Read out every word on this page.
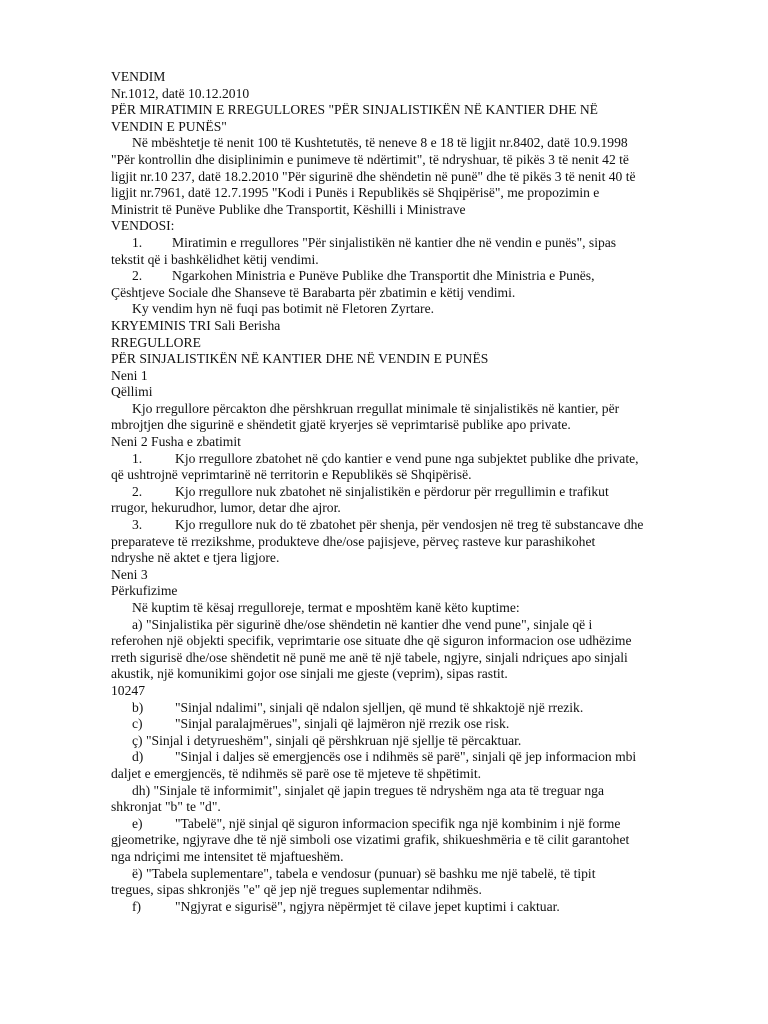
VENDIM
Nr.1012, datë 10.12.2010
PËR MIRATIMIN E RREGULLORES "PËR SINJALISTIKËN NË KANTIER DHE NË
VENDIN E PUNËS"
Në mbështetje të nenit 100 të Kushtetutës, të neneve 8 e 18 të ligjit nr.8402, datë 10.9.1998
"Për kontrollin dhe disiplinimin e punimeve të ndërtimit", të ndryshuar, të pikës 3 të nenit 42 të
ligjit nr.10 237, datë 18.2.2010 "Për sigurinë dhe shëndetin në punë" dhe të pikës 3 të nenit 40 të
ligjit nr.7961, datë 12.7.1995 "Kodi i Punës i Republikës së Shqipërisë", me propozimin e
Ministrit të Punëve Publike dhe Transportit, Këshilli i Ministrave
VENDOSI:
1.	Miratimin e rregullores "Për sinjalistikën në kantier dhe në vendin e punës", sipas
tekstit që i bashkëlidhet këtij vendimi.
2.	Ngarkohen Ministria e Punëve Publike dhe Transportit dhe Ministria e Punës,
Çështjeve Sociale dhe Shanseve të Barabarta për zbatimin e këtij vendimi.
Ky vendim hyn në fuqi pas botimit në Fletoren Zyrtare.
KRYEMINIS TRI Sali Berisha
RREGULLORE
PËR SINJALISTIKËN NË KANTIER DHE NË VENDIN E PUNËS
Neni 1
Qëllimi
Kjo rregullore përcakton dhe përshkruan rregullat minimale të sinjalistikës në kantier, për
mbrojtjen dhe sigurinë e shëndetit gjatë kryerjes së veprimtarisë publike apo private.
Neni 2 Fusha e zbatimit
1.	Kjo rregullore zbatohet në çdo kantier e vend pune nga subjektet publike dhe private,
që ushtrojnë veprimtarinë në territorin e Republikës së Shqipërisë.
2.	Kjo rregullore nuk zbatohet në sinjalistikën e përdorur për rregullimin e trafikut
rrugor, hekurudhor, lumor, detar dhe ajror.
3.	Kjo rregullore nuk do të zbatohet për shenja, për vendosjen në treg të substancave dhe
preparateve të rrezikshme, produkteve dhe/ose pajisjeve, përveç rasteve kur parashikohet
ndryshe në aktet e tjera ligjore.
Neni 3
Përkufizime
Në kuptim të kësaj rregulloreje, termat e mposhtëm kanë këto kuptime:
a) "Sinjalistika për sigurinë dhe/ose shëndetin në kantier dhe vend pune", sinjale që i
referohen një objekti specifik, veprimtarie ose situate dhe që siguron informacion ose udhëzime
rreth sigurisë dhe/ose shëndetit në punë me anë të një tabele, ngjyre, sinjali ndriçues apo sinjali
akustik, një komunikimi gojor ose sinjali me gjeste (veprim), sipas rastit.
10247
b)	"Sinjal ndalimi", sinjali që ndalon sjelljen, që mund të shkaktojë një rrezik.
c)	"Sinjal paralajmërues", sinjali që lajmëron një rrezik ose risk.
ç) "Sinjal i detyrueshëm", sinjali që përshkruan një sjellje të përcaktuar.
d)	"Sinjal i daljes së emergjencës ose i ndihmës së parë", sinjali që jep informacion mbi
daljet e emergjencës, të ndihmës së parë ose të mjeteve të shpëtimit.
dh) "Sinjale të informimit", sinjalet që japin tregues të ndryshëm nga ata të treguar nga
shkronjat "b" te "d".
e)	"Tabelë", një sinjal që siguron informacion specifik nga një kombinim i një forme
gjeometrike, ngjyrave dhe të një simboli ose vizatimi grafik, shikueshmëria e të cilit garantohet
nga ndriçimi me intensitet të mjaftueshëm.
ë) "Tabela suplementare", tabela e vendosur (punuar) së bashku me një tabelë, të tipit
tregues, sipas shkronjës "e" që jep një tregues suplementar ndihmës.
f)	"Ngjyrat e sigurisë", ngjyra nëpërmjet të cilave jepet kuptimi i caktuar.
